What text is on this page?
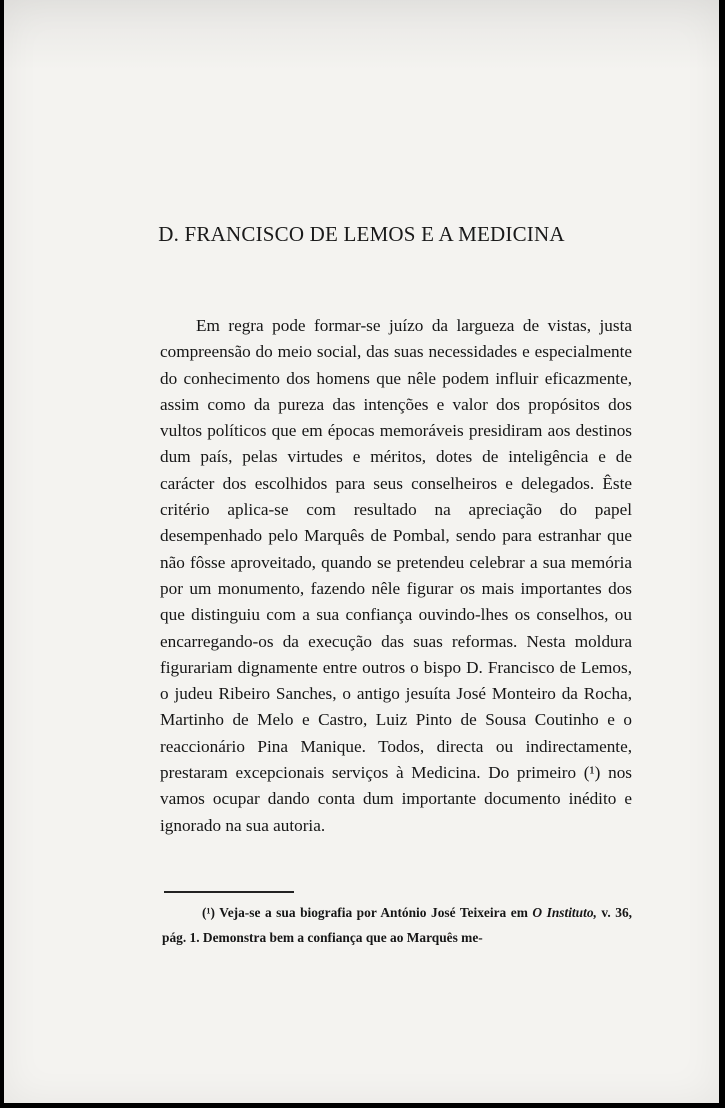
D. FRANCISCO DE LEMOS E A MEDICINA

Em regra pode formar-se juízo da largueza de vistas, justa compreensão do meio social, das suas necessidades e especialmente do conhecimento dos homens que nêle podem influir eficazmente, assim como da pureza das intenções e valor dos propósitos dos vultos políticos que em épocas memoráveis presidiram aos destinos dum país, pelas virtudes e méritos, dotes de inteligência e de carácter dos escolhidos para seus conselheiros e delegados. Êste critério aplica-se com resultado na apreciação do papel desempenhado pelo Marquês de Pombal, sendo para estranhar que não fôsse aproveitado, quando se pretendeu celebrar a sua memória por um monumento, fazendo nêle figurar os mais importantes dos que distinguiu com a sua confiança ouvindo-lhes os conselhos, ou encarregando-os da execução das suas reformas. Nesta moldura figurariam dignamente entre outros o bispo D. Francisco de Lemos, o judeu Ribeiro Sanches, o antigo jesuíta José Monteiro da Rocha, Martinho de Melo e Castro, Luiz Pinto de Sousa Coutinho e o reaccionário Pina Manique. Todos, directa ou indirectamente, prestaram excepcionais serviços à Medicina. Do primeiro (¹) nos vamos ocupar dando conta dum importante documento inédito e ignorado na sua autoria.

(¹) Veja-se a sua biografia por António José Teixeira em O Instituto, v. 36, pág. 1. Demonstra bem a confiança que ao Marquês me-
